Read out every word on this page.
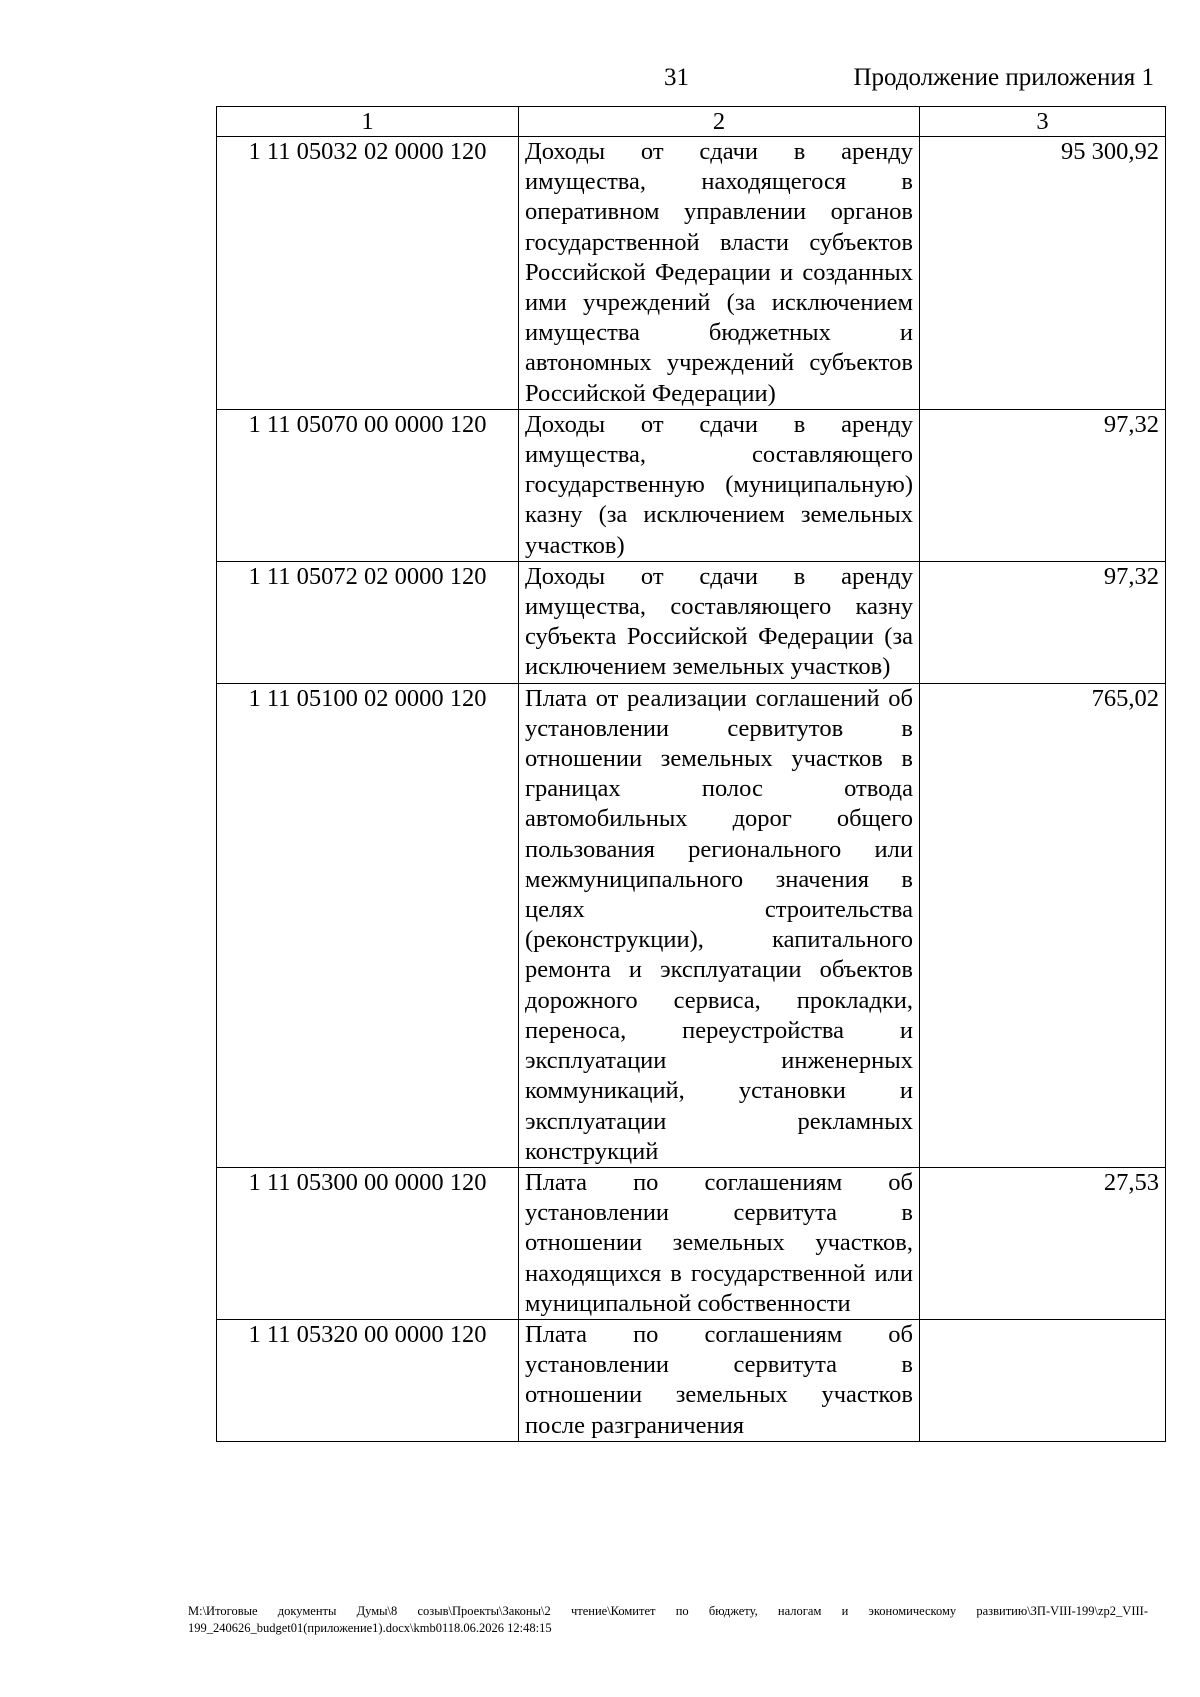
31	Продолжение приложения 1
1	2	3
1 11 05032 02 0000 120	Доходы от сдачи в аренду имущества, находящегося в оперативном управлении органов государственной власти субъектов Российской Федерации и созданных ими учреждений (за исключением имущества бюджетных и автономных учреждений субъектов Российской Федерации)	95 300,92
1 11 05070 00 0000 120	Доходы от сдачи в аренду имущества, составляющего государственную (муниципальную) казну (за исключением земельных участков)	97,32
1 11 05072 02 0000 120	Доходы от сдачи в аренду имущества, составляющего казну субъекта Российской Федерации (за исключением земельных участков)	97,32
1 11 05100 02 0000 120	Плата от реализации соглашений об установлении сервитутов в отношении земельных участков в границах полос отвода автомобильных дорог общего пользования регионального или межмуниципального значения в целях строительства (реконструкции), капитального ремонта и эксплуатации объектов дорожного сервиса, прокладки, переноса, переустройства и эксплуатации инженерных коммуникаций, установки и эксплуатации рекламных конструкций	765,02
1 11 05300 00 0000 120	Плата по соглашениям об установлении сервитута в отношении земельных участков, находящихся в государственной или муниципальной собственности	27,53
1 11 05320 00 0000 120	Плата по соглашениям об установлении сервитута в отношении земельных участков после разграничения	
M:\Итоговые документы Думы\8 созыв\Проекты\Законы\2 чтение\Комитет по бюджету, налогам и экономическому развитию\ЗП-VIII-199\zp2_VIII-199_240626_budget01(приложение1).docx\kmb0118.06.2026 12:48:15
